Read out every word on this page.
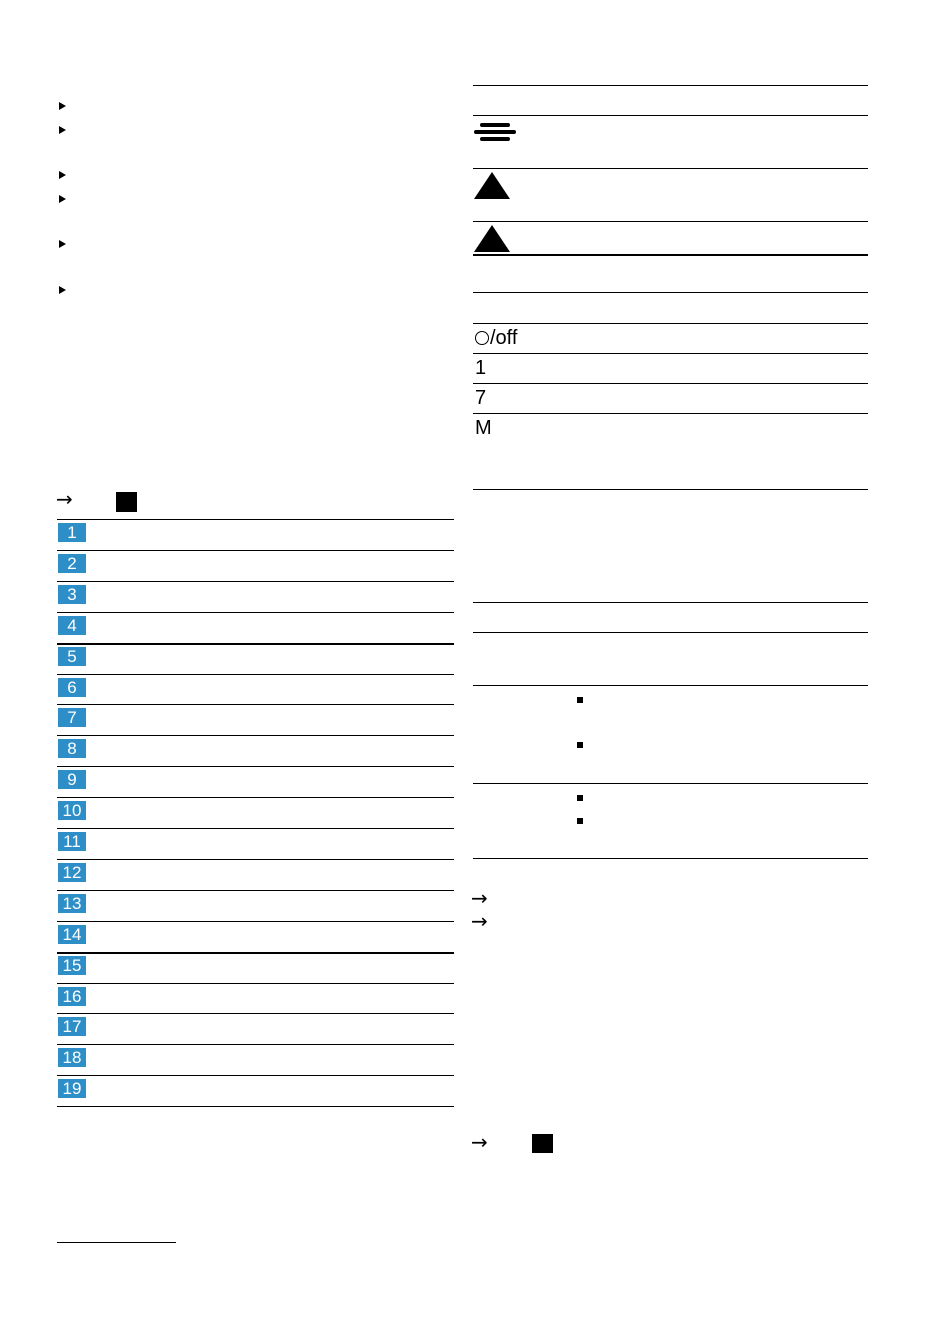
→
1
2
3
4
5
6
7
8
9
10
11
12
13
14
15
16
17
18
19
/off
1
7
M
→
→
→
